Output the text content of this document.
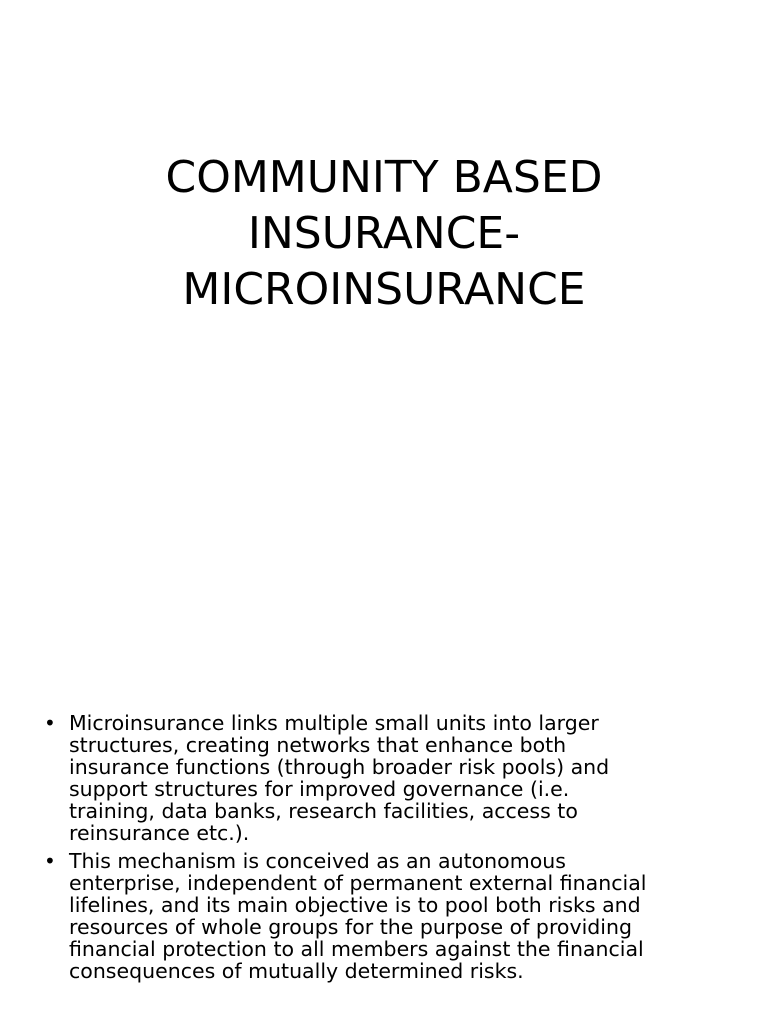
COMMUNITY BASED
INSURANCE-
MICROINSURANCE
• Microinsurance links multiple small units into larger
structures, creating networks that enhance both
insurance functions (through broader risk pools) and
support structures for improved governance (i.e.
training, data banks, research facilities, access to
reinsurance etc.).
• This mechanism is conceived as an autonomous
enterprise, independent of permanent external financial
lifelines, and its main objective is to pool both risks and
resources of whole groups for the purpose of providing
financial protection to all members against the financial
consequences of mutually determined risks.
